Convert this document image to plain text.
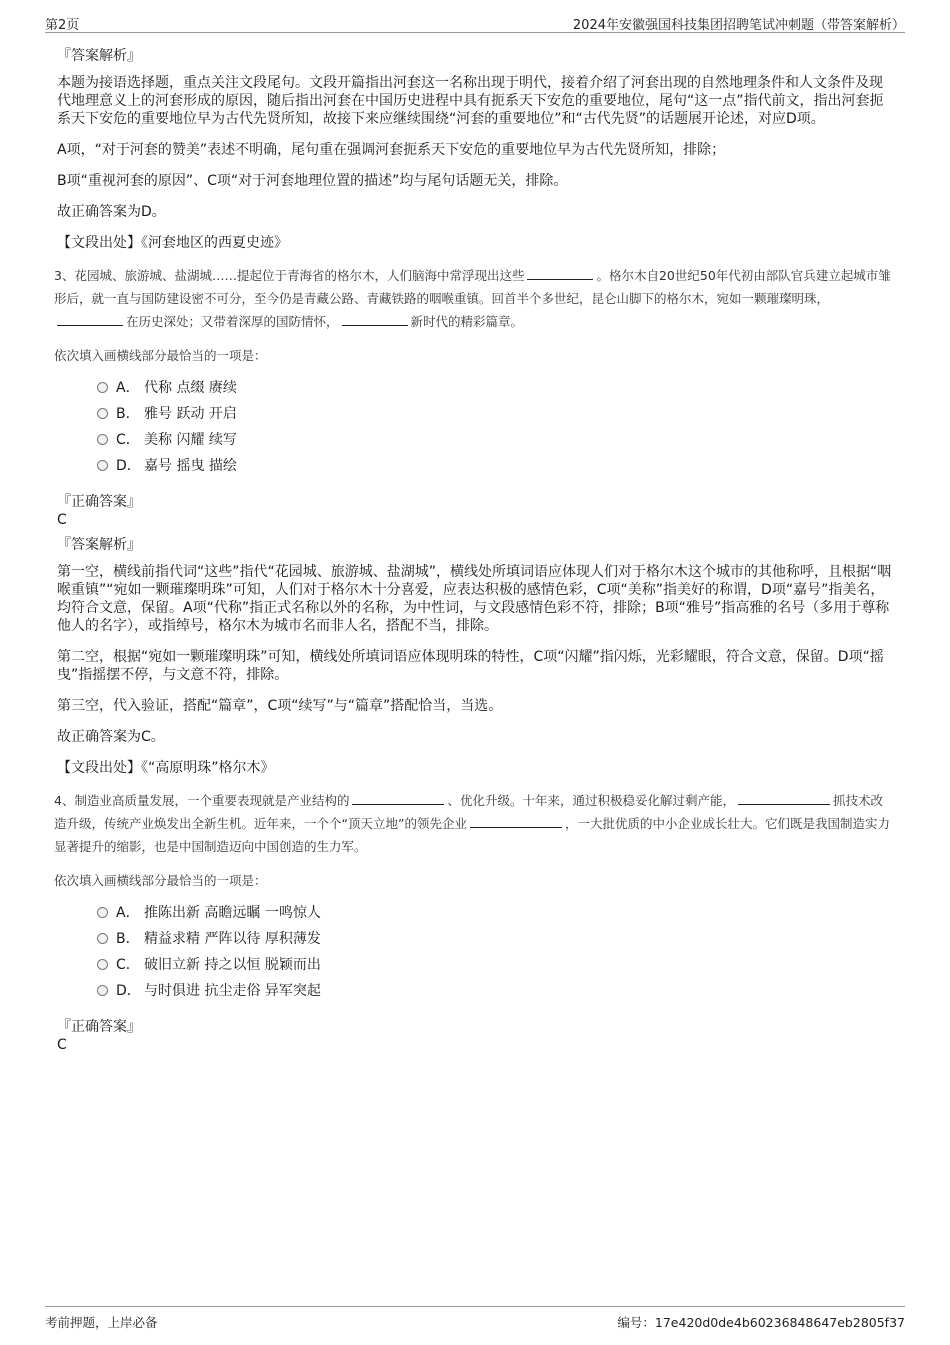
第2页	2024年安徽强国科技集团招聘笔试冲刺题（带答案解析）
『答案解析』
本题为接语选择题，重点关注文段尾句。文段开篇指出河套这一名称出现于明代，接着介绍了河套出现的自然地理条件和人文条件及现代地理意义上的河套形成的原因，随后指出河套在中国历史进程中具有扼系天下安危的重要地位，尾句“这一点”指代前文，指出河套扼系天下安危的重要地位早为古代先贤所知，故接下来应继续围绕“河套的重要地位”和“古代先贤”的话题展开论述，对应D项。
A项，“对于河套的赞美”表述不明确，尾句重在强调河套扼系天下安危的重要地位早为古代先贤所知，排除；
B项“重视河套的原因”、C项“对于河套地理位置的描述”均与尾句话题无关，排除。
故正确答案为D。
【文段出处】《河套地区的西夏史迹》
3、花园城、旅游城、盐湖城……提起位于青海省的格尔木，人们脑海中常浮现出这些	。格尔木自20世纪50年代初由部队官兵建立起城市雏形后，就一直与国防建设密不可分，至今仍是青藏公路、青藏铁路的咽喉重镇。回首半个多世纪，昆仑山脚下的格尔木，宛如一颗璀璨明珠，在历史深处；又带着深厚的国防情怀，	新时代的精彩篇章。
依次填入画横线部分最恰当的一项是：
A． 代称 点缀 赓续
B． 雅号 跃动 开启
C． 美称 闪耀 续写
D． 嘉号 摇曳 描绘
『正确答案』
C
『答案解析』
第一空，横线前指代词“这些”指代“花园城、旅游城、盐湖城”，横线处所填词语应体现人们对于格尔木这个城市的其他称呼，且根据“咽喉重镇”“宛如一颗璀璨明珠”可知，人们对于格尔木十分喜爱，应表达积极的感情色彩，C项“美称”指美好的称谓，D项“嘉号”指美名，均符合文意，保留。A项“代称”指正式名称以外的名称，为中性词，与文段感情色彩不符，排除；B项“雅号”指高雅的名号（多用于尊称他人的名字），或指绰号，格尔木为城市名而非人名，搭配不当，排除。
第二空，根据“宛如一颗璀璨明珠”可知，横线处所填词语应体现明珠的特性，C项“闪耀”指闪烁，光彩耀眼，符合文意，保留。D项“摇曳”指摇摆不停，与文意不符，排除。
第三空，代入验证，搭配“篇章”，C项“续写”与“篇章”搭配恰当，当选。
故正确答案为C。
【文段出处】《“高原明珠”格尔木》
4、制造业高质量发展，一个重要表现就是产业结构的	、优化升级。十年来，通过积极稳妥化解过剩产能，	抓技术改造升级，传统产业焕发出全新生机。近年来，一个个“顶天立地”的领先企业	，一大批优质的中小企业成长壮大。它们既是我国制造实力显著提升的缩影，也是中国制造迈向中国创造的生力军。
依次填入画横线部分最恰当的一项是：
A． 推陈出新 高瞻远瞩 一鸣惊人
B． 精益求精 严阵以待 厚积薄发
C． 破旧立新 持之以恒 脱颖而出
D． 与时俱进 抗尘走俗 异军突起
『正确答案』
C
考前押题，上岸必备	编号：17e420d0de4b60236848647eb2805f37
